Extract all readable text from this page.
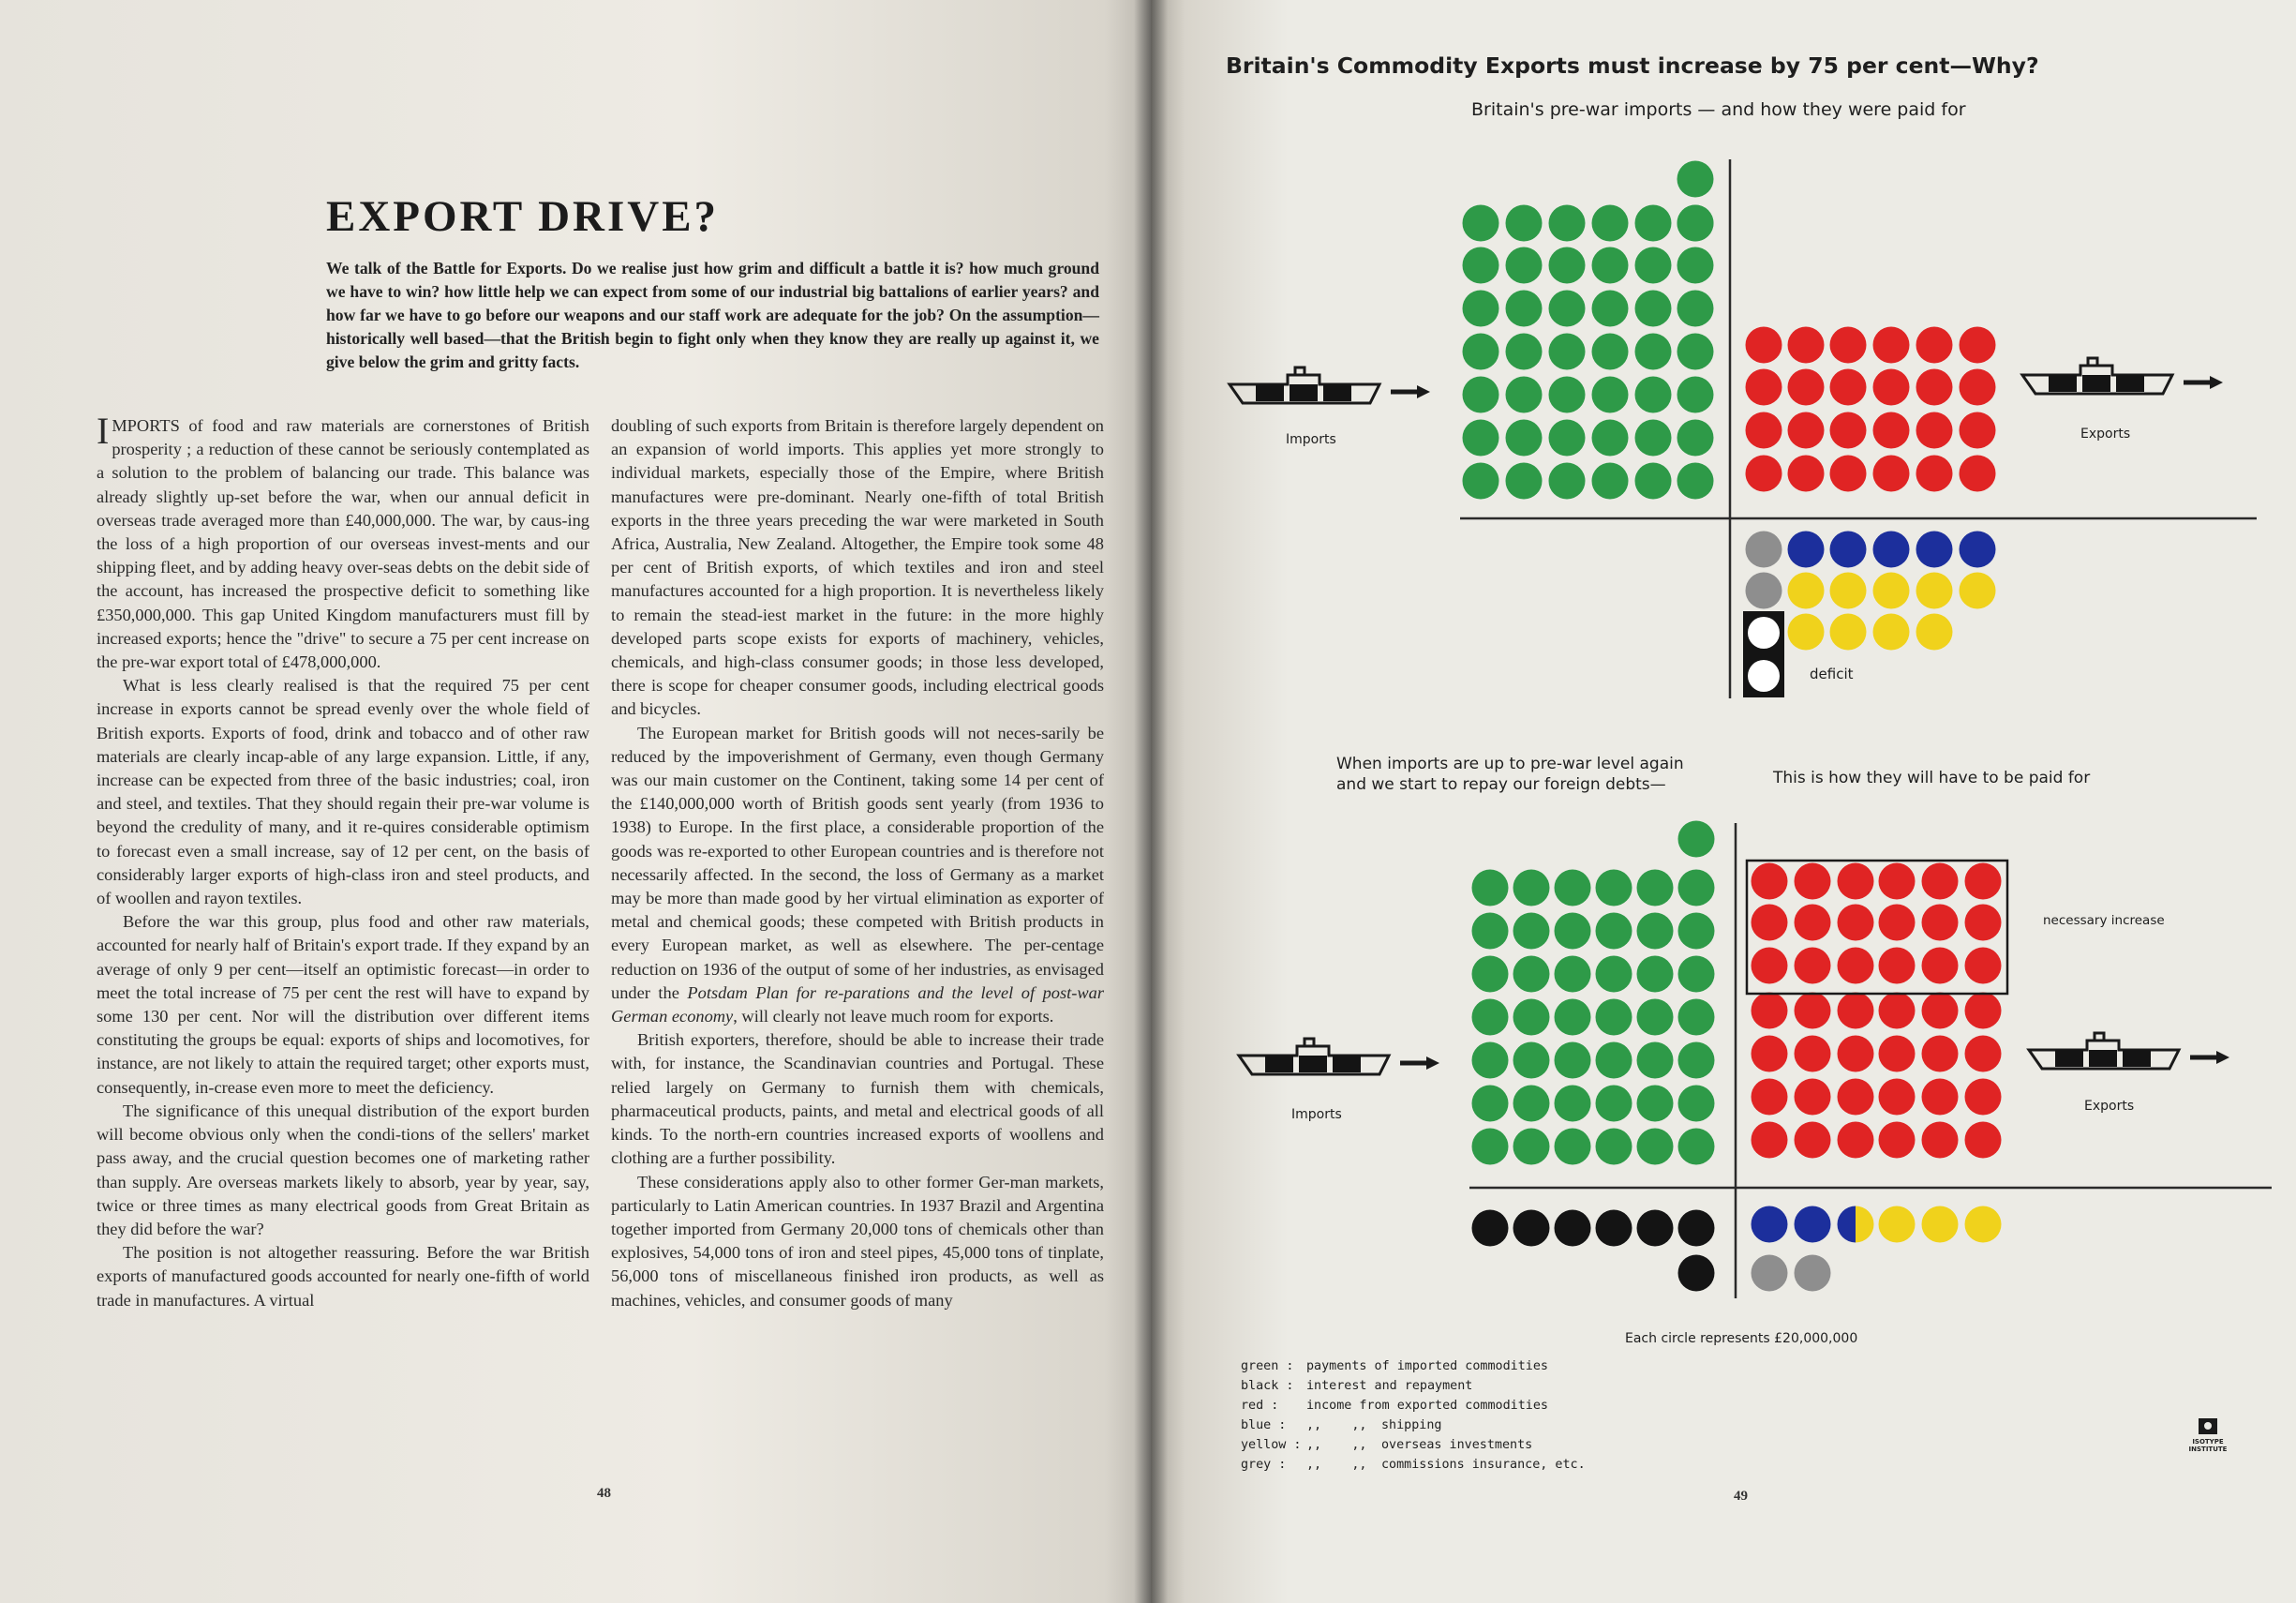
EXPORT DRIVE?

We talk of the Battle for Exports. Do we realise just how grim and difficult a battle it is? how much ground we have to win? how little help we can expect from some of our industrial big battalions of earlier years? and how far we have to go before our weapons and our staff work are adequate for the job? On the assumption—historically well based—that the British begin to fight only when they know they are really up against it, we give below the grim and gritty facts.

IMPORTS of food and raw materials are cornerstones of British prosperity ; a reduction of these cannot be seriously contemplated as a solution to the problem of balancing our trade. This balance was already slightly up-set before the war, when our annual deficit in overseas trade averaged more than £40,000,000. The war, by caus-ing the loss of a high proportion of our overseas invest-ments and our shipping fleet, and by adding heavy over-seas debts on the debit side of the account, has increased the prospective deficit to something like £350,000,000. This gap United Kingdom manufacturers must fill by increased exports; hence the "drive" to secure a 75 per cent increase on the pre-war export total of £478,000,000.

What is less clearly realised is that the required 75 per cent increase in exports cannot be spread evenly over the whole field of British exports. Exports of food, drink and tobacco and of other raw materials are clearly incap-able of any large expansion. Little, if any, increase can be expected from three of the basic industries; coal, iron and steel, and textiles. That they should regain their pre-war volume is beyond the credulity of many, and it re-quires considerable optimism to forecast even a small increase, say of 12 per cent, on the basis of considerably larger exports of high-class iron and steel products, and of woollen and rayon textiles.

Before the war this group, plus food and other raw materials, accounted for nearly half of Britain's export trade. If they expand by an average of only 9 per cent—itself an optimistic forecast—in order to meet the total increase of 75 per cent the rest will have to expand by some 130 per cent. Nor will the distribution over different items constituting the groups be equal: exports of ships and locomotives, for instance, are not likely to attain the required target; other exports must, consequently, in-crease even more to meet the deficiency.

The significance of this unequal distribution of the export burden will become obvious only when the condi-tions of the sellers' market pass away, and the crucial question becomes one of marketing rather than supply. Are overseas markets likely to absorb, year by year, say, twice or three times as many electrical goods from Great Britain as they did before the war?

The position is not altogether reassuring. Before the war British exports of manufactured goods accounted for nearly one-fifth of world trade in manufactures. A virtual

doubling of such exports from Britain is therefore largely dependent on an expansion of world imports. This applies yet more strongly to individual markets, especially those of the Empire, where British manufactures were pre-dominant. Nearly one-fifth of total British exports in the three years preceding the war were marketed in South Africa, Australia, New Zealand. Altogether, the Empire took some 48 per cent of British exports, of which textiles and iron and steel manufactures accounted for a high proportion. It is nevertheless likely to remain the stead-iest market in the future: in the more highly developed parts scope exists for exports of machinery, vehicles, chemicals, and high-class consumer goods; in those less developed, there is scope for cheaper consumer goods, including electrical goods and bicycles.

The European market for British goods will not neces-sarily be reduced by the impoverishment of Germany, even though Germany was our main customer on the Continent, taking some 14 per cent of the £140,000,000 worth of British goods sent yearly (from 1936 to 1938) to Europe. In the first place, a considerable proportion of the goods was re-exported to other European countries and is therefore not necessarily affected. In the second, the loss of Germany as a market may be more than made good by her virtual elimination as exporter of metal and chemical goods; these competed with British products in every European market, as well as elsewhere. The per-centage reduction on 1936 of the output of some of her industries, as envisaged under the Potsdam Plan for re-parations and the level of post-war German economy, will clearly not leave much room for exports.

British exporters, therefore, should be able to increase their trade with, for instance, the Scandinavian countries and Portugal. These relied largely on Germany to furnish them with chemicals, pharmaceutical products, paints, and metal and electrical goods of all kinds. To the north-ern countries increased exports of woollens and clothing are a further possibility.

These considerations apply also to other former Ger-man markets, particularly to Latin American countries. In 1937 Brazil and Argentina together imported from Germany 20,000 tons of chemicals other than explosives, 54,000 tons of iron and steel pipes, 45,000 tons of tinplate, 56,000 tons of miscellaneous finished iron products, as well as machines, vehicles, and consumer goods of many

48
Britain's Commodity Exports must increase by 75 per cent—Why?
Britain's pre-war imports — and how they were paid for
Imports	Exports
deficit
When imports are up to pre-war level again and we start to repay our foreign debts—	This is how they will have to be paid for
necessary increase
Imports
Exports
Each circle represents £20,000,000
green : payments of imported commodities
black : interest and repayment
red : income from exported commodities
blue : ,,    ,, shipping
yellow : ,,    ,, overseas investments
grey : ,,    ,, commissions insurance, etc.
ISOTYPE INSTITUTE
49
